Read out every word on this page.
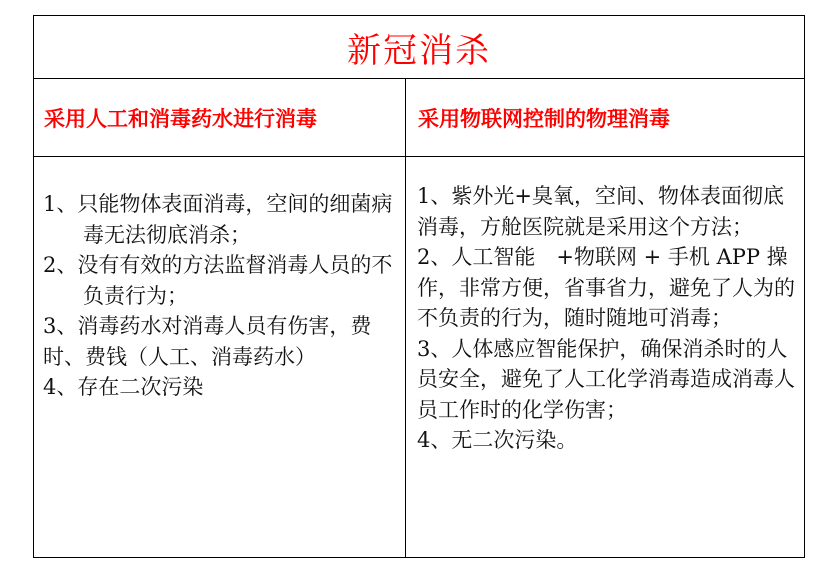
新冠消杀
采用人工和消毒药水进行消毒	采用物联网控制的物理消毒

1、只能物体表面消毒，空间的细菌病毒无法彻底消杀；

2、没有有效的方法监督消毒人员的不负责行为；

3、消毒药水对消毒人员有伤害，费时、费钱（人工、消毒药水）

4、存在二次污染

1、紫外光+臭氧，空间、物体表面彻底消毒，方舱医院就是采用这个方法；

2、人工智能　+物联网 + 手机 APP 操作，非常方便，省事省力，避免了人为的不负责的行为，随时随地可消毒；

3、人体感应智能保护，确保消杀时的人员安全，避免了人工化学消毒造成消毒人员工作时的化学伤害；

4、无二次污染。
